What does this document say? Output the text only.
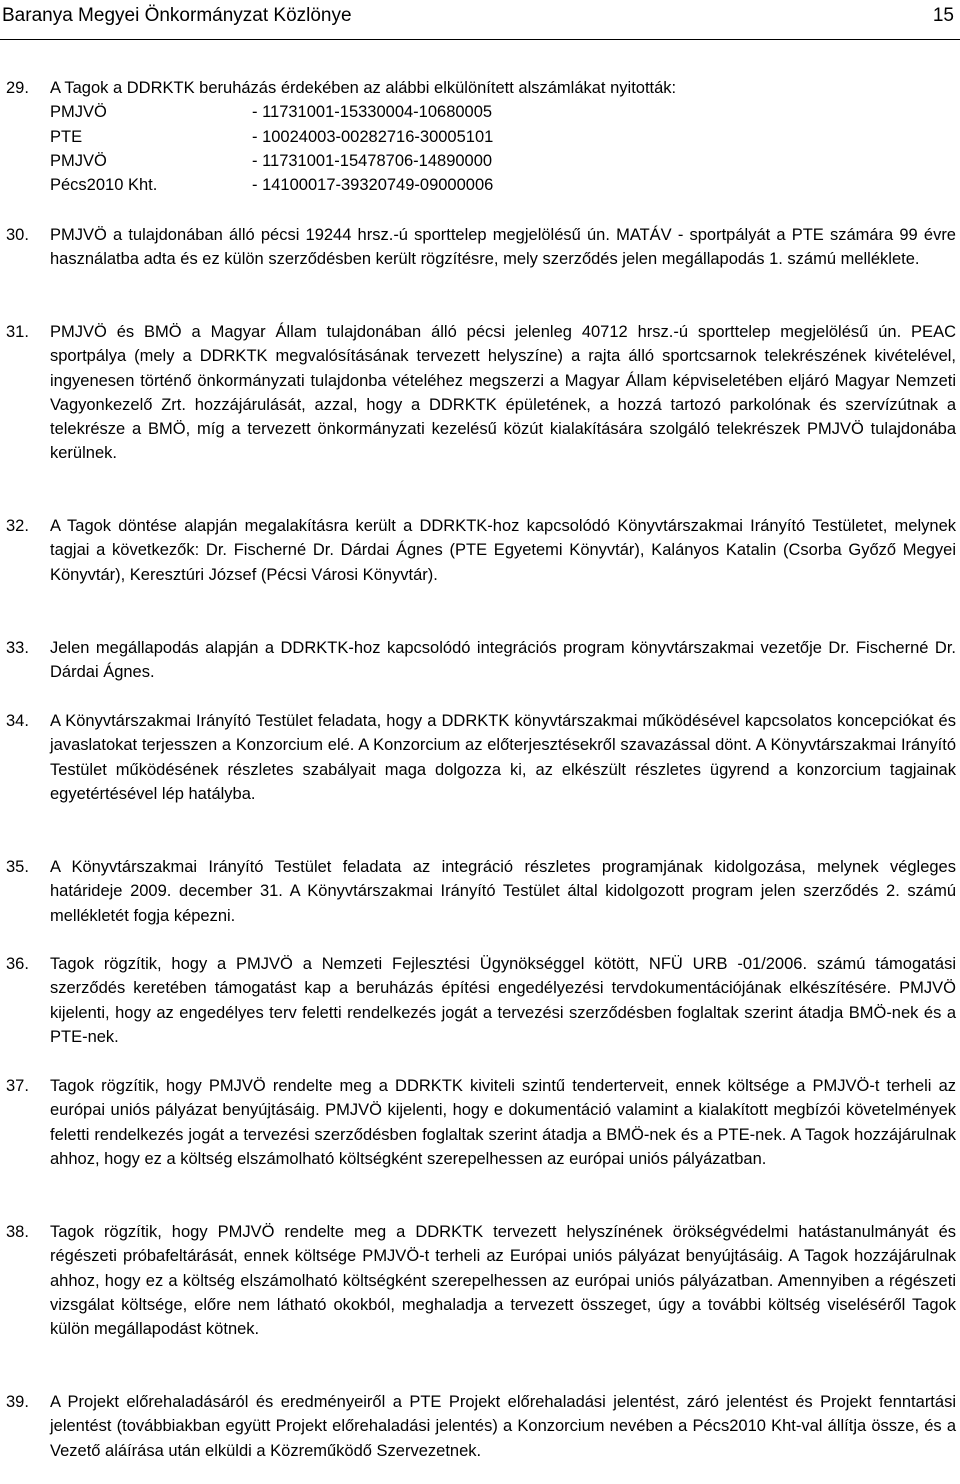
Baranya Megyei Önkormányzat Közlönye	15
29. A Tagok a DDRKTK beruházás érdekében az alábbi elkülönített alszámlákat nyitották:
PMJVÖ	- 11731001-15330004-10680005
PTE	- 10024003-00282716-30005101
PMJVÖ	- 11731001-15478706-14890000
Pécs2010 Kht.	- 14100017-39320749-09000006
30. PMJVÖ a tulajdonában álló pécsi 19244 hrsz.-ú sporttelep megjelölésű ún. MATÁV - sportpályát a PTE számára 99 évre használatba adta és ez külön szerződésben került rögzítésre, mely szerződés jelen megállapodás 1. számú melléklete.
31. PMJVÖ és BMÖ a Magyar Állam tulajdonában álló pécsi jelenleg 40712 hrsz.-ú sporttelep megjelölésű ún. PEAC sportpálya (mely a DDRKTK megvalósításának tervezett helyszíne) a rajta álló sportcsarnok telekrészének kivételével, ingyenesen történő önkormányzati tulajdonba vételéhez megszerzi a Magyar Állam képviseletében eljáró Magyar Nemzeti Vagyonkezelő Zrt. hozzájárulását, azzal, hogy a DDRKTK épületének, a hozzá tartozó parkolónak és szervízútnak a telekrésze a BMÖ, míg a tervezett önkormányzati kezelésű közút kialakítására szolgáló telekrészek PMJVÖ tulajdonába kerülnek.
32. A Tagok döntése alapján megalakításra került a DDRKTK-hoz kapcsolódó Könyvtárszakmai Irányító Testületet, melynek tagjai a következők: Dr. Fischerné Dr. Dárdai Ágnes (PTE Egyetemi Könyvtár), Kalányos Katalin (Csorba Győző Megyei Könyvtár), Keresztúri József (Pécsi Városi Könyvtár).
33. Jelen megállapodás alapján a DDRKTK-hoz kapcsolódó integrációs program könyvtárszakmai vezetője Dr. Fischerné Dr. Dárdai Ágnes.
34. A Könyvtárszakmai Irányító Testület feladata, hogy a DDRKTK könyvtárszakmai működésével kapcsolatos koncepciókat és javaslatokat terjesszen a Konzorcium elé. A Konzorcium az előterjesztésekről szavazással dönt. A Könyvtárszakmai Irányító Testület működésének részletes szabályait maga dolgozza ki, az elkészült részletes ügyrend a konzorcium tagjainak egyetértésével lép hatályba.
35. A Könyvtárszakmai Irányító Testület feladata az integráció részletes programjának kidolgozása, melynek végleges határideje 2009. december 31. A Könyvtárszakmai Irányító Testület által kidolgozott program jelen szerződés 2. számú mellékletét fogja képezni.
36. Tagok rögzítik, hogy a PMJVÖ a Nemzeti Fejlesztési Ügynökséggel kötött, NFÜ URB -01/2006. számú támogatási szerződés keretében támogatást kap a beruházás építési engedélyezési tervdokumentációjának elkészítésére. PMJVÖ kijelenti, hogy az engedélyes terv feletti rendelkezés jogát a tervezési szerződésben foglaltak szerint átadja BMÖ-nek és a PTE-nek.
37. Tagok rögzítik, hogy PMJVÖ rendelte meg a DDRKTK kiviteli szintű tenderterveit, ennek költsége a PMJVÖ-t terheli az európai uniós pályázat benyújtásáig. PMJVÖ kijelenti, hogy e dokumentáció valamint a kialakított megbízói követelmények feletti rendelkezés jogát a tervezési szerződésben foglaltak szerint átadja a BMÖ-nek és a PTE-nek. A Tagok hozzájárulnak ahhoz, hogy ez a költség elszámolható költségként szerepelhessen az európai uniós pályázatban.
38. Tagok rögzítik, hogy PMJVÖ rendelte meg a DDRKTK tervezett helyszínének örökségvédelmi hatástanulmányát és régészeti próbafeltárását, ennek költsége PMJVÖ-t terheli az Európai uniós pályázat benyújtásáig. A Tagok hozzájárulnak ahhoz, hogy ez a költség elszámolható költségként szerepelhessen az európai uniós pályázatban. Amennyiben a régészeti vizsgálat költsége, előre nem látható okokból, meghaladja a tervezett összeget, úgy a további költség viseléséről Tagok külön megállapodást kötnek.
39. A Projekt előrehaladásáról és eredményeiről a PTE Projekt előrehaladási jelentést, záró jelentést és Projekt fenntartási jelentést (továbbiakban együtt Projekt előrehaladási jelentés) a Konzorcium nevében a Pécs2010 Kht-val állítja össze, és a Vezető aláírása után elküldi a Közreműködő Szervezetnek.
